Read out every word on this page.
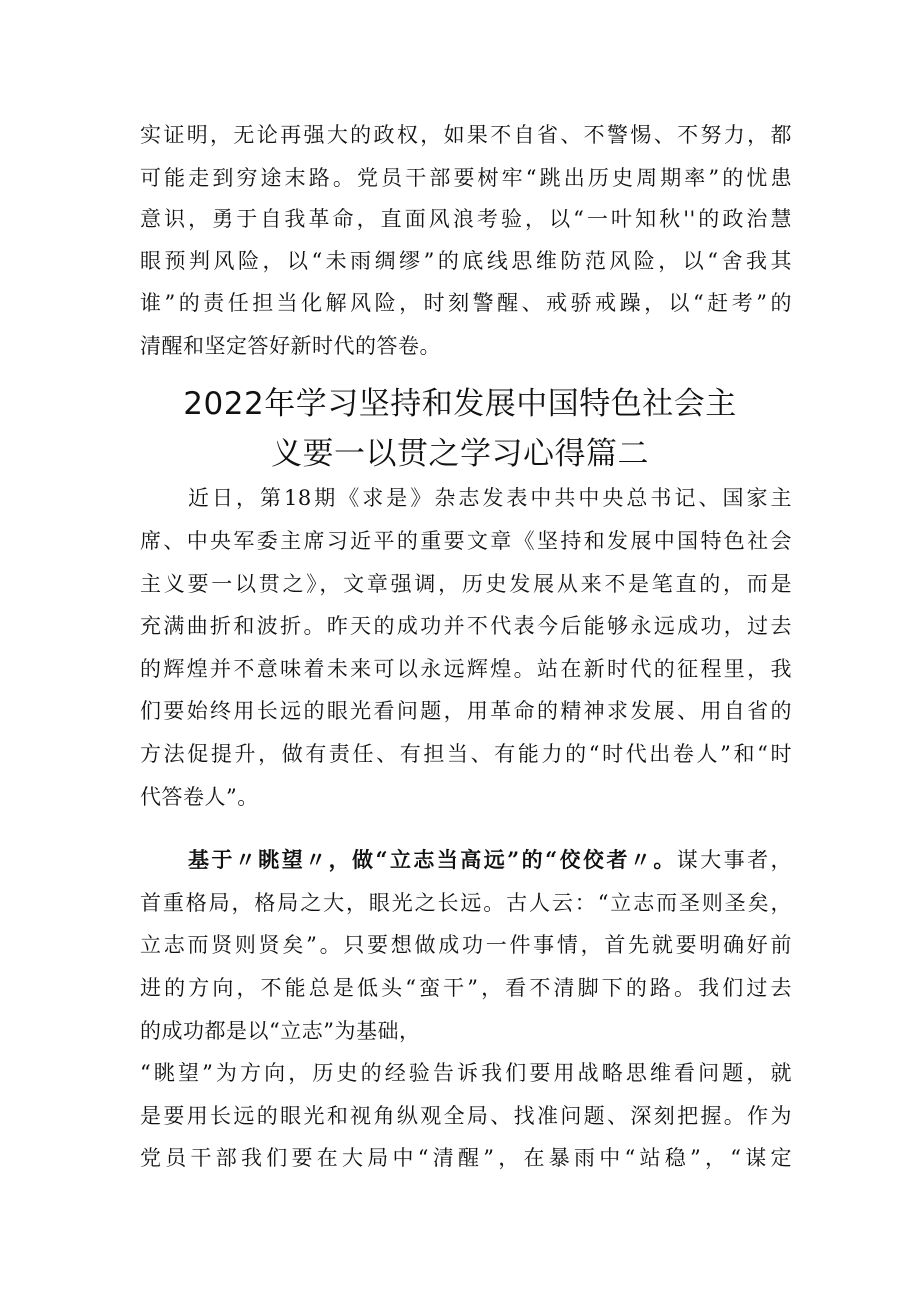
实证明，无论再强大的政权，如果不自省、不警惕、不努力，都
可能走到穷途末路。党员干部要树牢“跳出历史周期率”的忧患
意识，勇于自我革命，直面风浪考验，以“一叶知秋''的政治慧
眼预判风险，以“未雨绸缪”的底线思维防范风险，以“舍我其
谁”的责任担当化解风险，时刻警醒、戒骄戒躁，以“赶考”的
清醒和坚定答好新时代的答卷。
2022年学习坚持和发展中国特色社会主
义要一以贯之学习心得篇二
近日，第18期《求是》杂志发表中共中央总书记、国家主
席、中央军委主席习近平的重要文章《坚持和发展中国特色社会
主义要一以贯之》，文章强调，历史发展从来不是笔直的，而是
充满曲折和波折。昨天的成功并不代表今后能够永远成功，过去
的辉煌并不意味着未来可以永远辉煌。站在新时代的征程里，我
们要始终用长远的眼光看问题，用革命的精神求发展、用自省的
方法促提升，做有责任、有担当、有能力的“时代出卷人”和“时
代答卷人”。
基于〃眺望〃，做“立志当高远”的“佼佼者〃。谋大事者，
首重格局，格局之大，眼光之长远。古人云：“立志而圣则圣矣，
立志而贤则贤矣”。只要想做成功一件事情，首先就要明确好前
进的方向，不能总是低头“蛮干”，看不清脚下的路。我们过去
的成功都是以“立志”为基础，
“眺望”为方向，历史的经验告诉我们要用战略思维看问题，就
是要用长远的眼光和视角纵观全局、找准问题、深刻把握。作为
党员干部我们要在大局中“清醒”，在暴雨中“站稳”，“谋定
